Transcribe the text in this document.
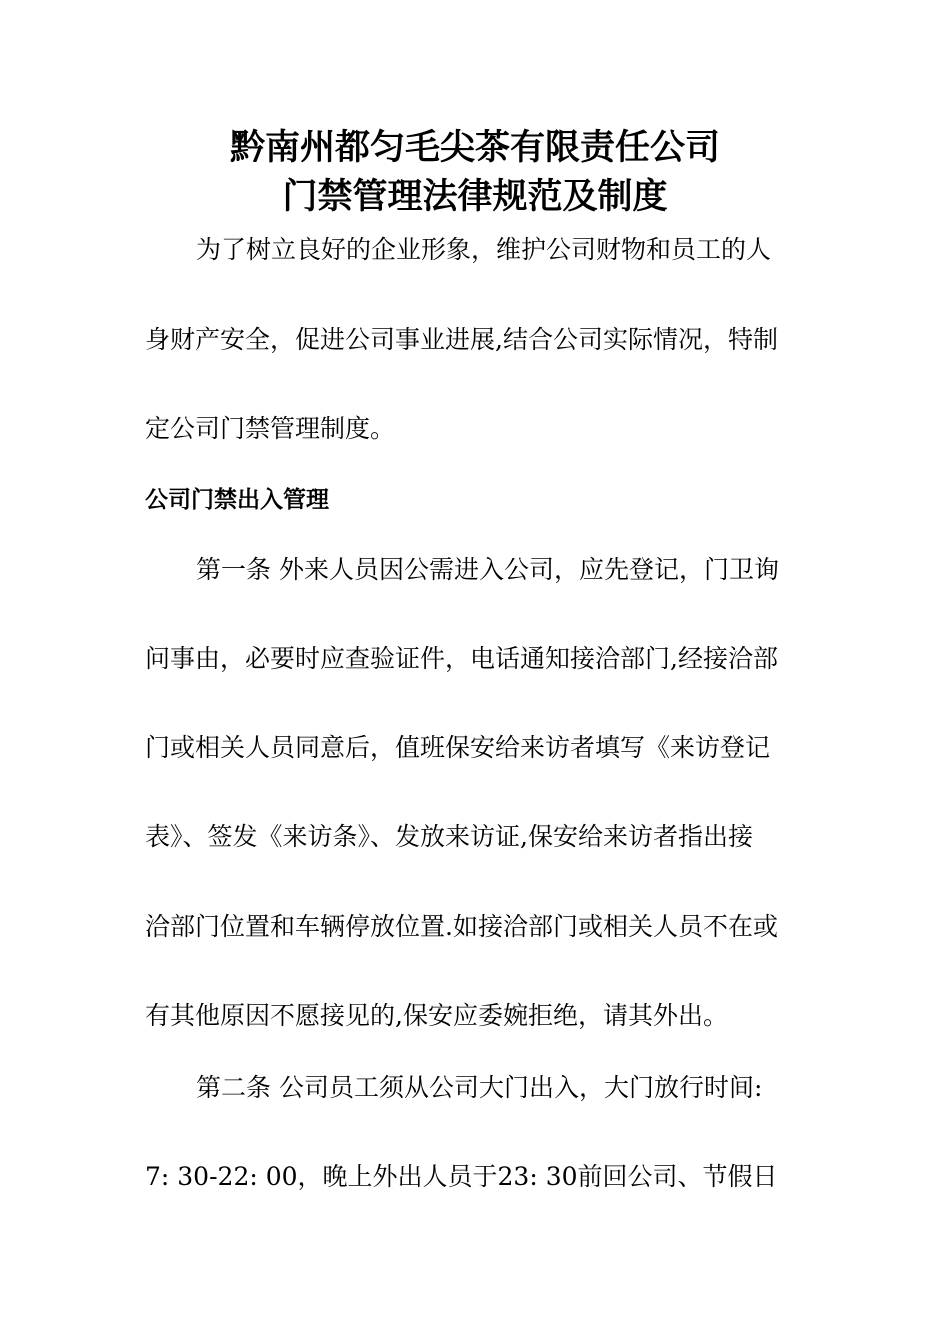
黔南州都匀毛尖茶有限责任公司
门禁管理法律规范及制度
为了树立良好的企业形象，维护公司财物和员工的人
身财产安全，促进公司事业进展,结合公司实际情况，特制
定公司门禁管理制度。
公司门禁出入管理
第一条 外来人员因公需进入公司，应先登记，门卫询
问事由，必要时应查验证件，电话通知接洽部门,经接洽部
门或相关人员同意后，值班保安给来访者填写《来访登记
表》、签发《来访条》、发放来访证,保安给来访者指出接
洽部门位置和车辆停放位置.如接洽部门或相关人员不在或
有其他原因不愿接见的,保安应委婉拒绝，请其外出。
第二条 公司员工须从公司大门出入，大门放行时间:
7: 30-22: 00，晚上外出人员于23: 30前回公司、节假日
